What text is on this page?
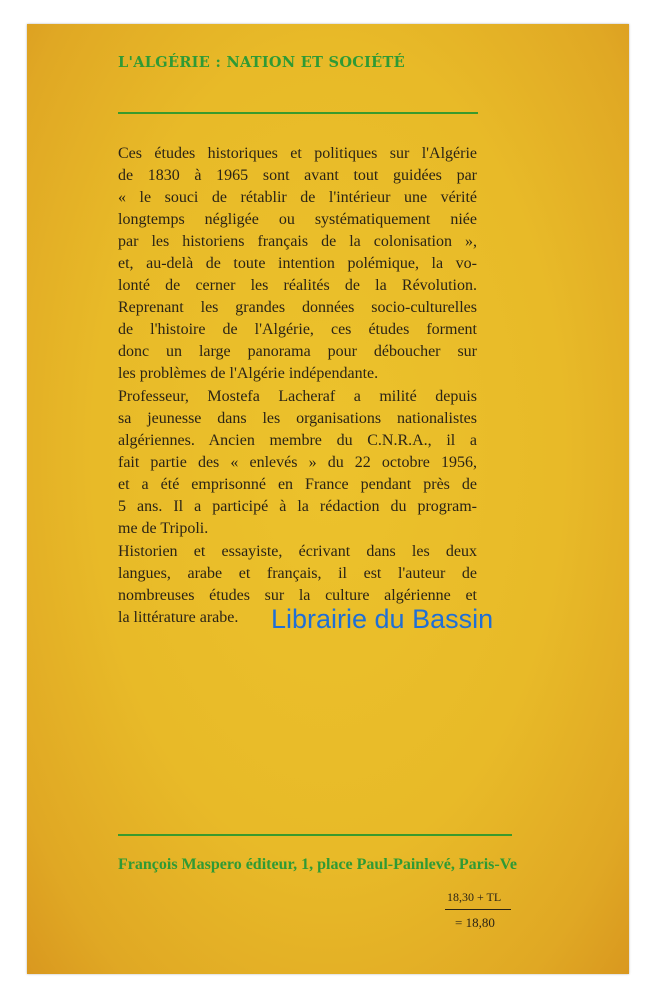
L'ALGÉRIE : NATION ET SOCIÉTÉ
Ces études historiques et politiques sur l'Algérie
de 1830 à 1965 sont avant tout guidées par
« le souci de rétablir de l'intérieur une vérité
longtemps négligée ou systématiquement niée
par les historiens français de la colonisation »,
et, au-delà de toute intention polémique, la vo-
lonté de cerner les réalités de la Révolution.
Reprenant les grandes données socio-culturelles
de l'histoire de l'Algérie, ces études forment
donc un large panorama pour déboucher sur
les problèmes de l'Algérie indépendante.
Professeur, Mostefa Lacheraf a milité depuis
sa jeunesse dans les organisations nationalistes
algériennes. Ancien membre du C.N.R.A., il a
fait partie des « enlevés » du 22 octobre 1956,
et a été emprisonné en France pendant près de
5 ans. Il a participé à la rédaction du program-
me de Tripoli.
Historien et essayiste, écrivant dans les deux
langues, arabe et français, il est l'auteur de
nombreuses études sur la culture algérienne et
la littérature arabe.	Librairie du Bassin
François Maspero éditeur, 1, place Paul-Painlevé, Paris-Ve
18,30 + TL
= 18,80
